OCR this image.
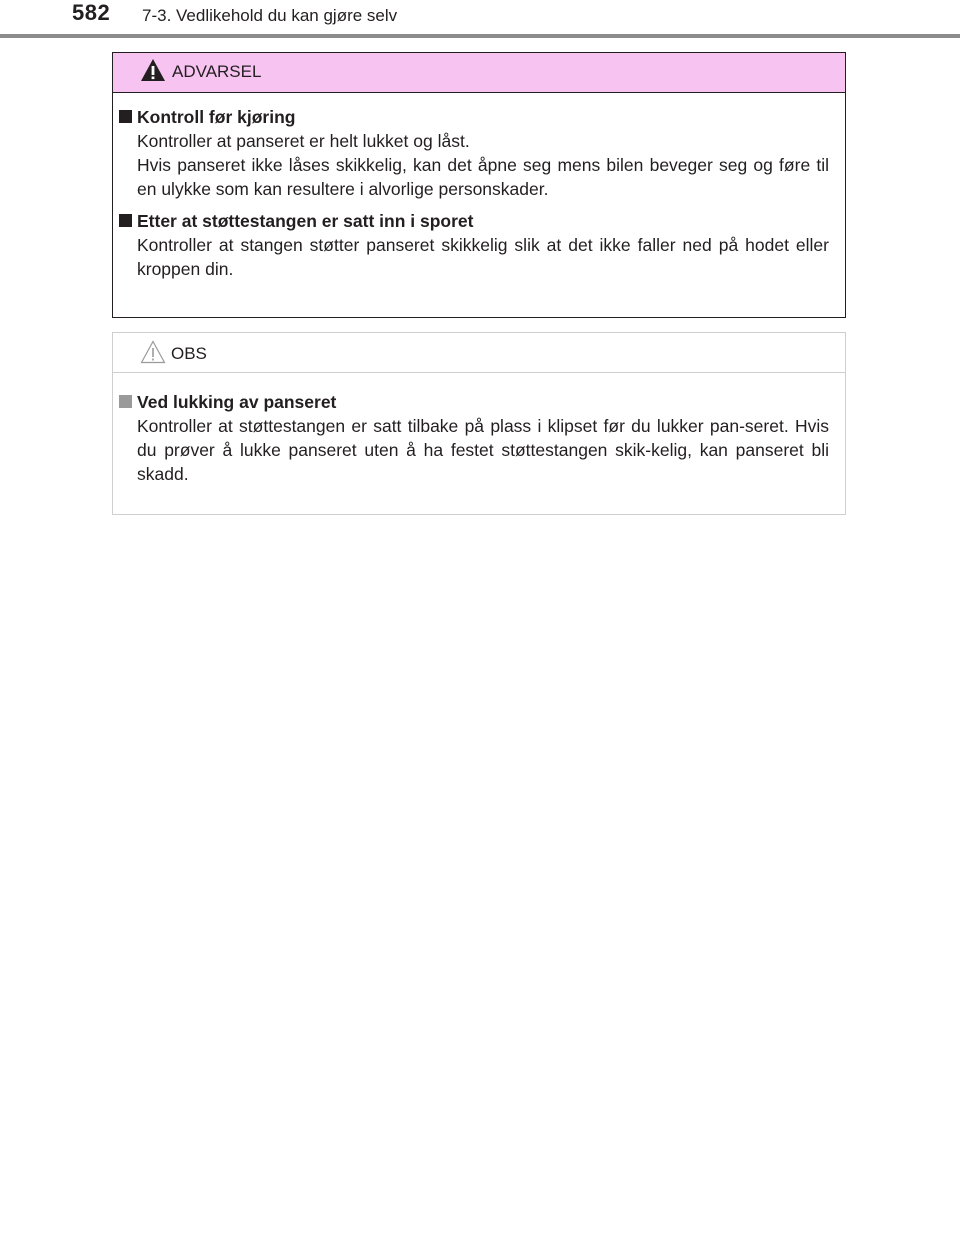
582 7-3. Vedlikehold du kan gjøre selv
ADVARSEL
Kontroll før kjøring

Kontroller at panseret er helt lukket og låst.

Hvis panseret ikke låses skikkelig, kan det åpne seg mens bilen beveger seg og føre til en ulykke som kan resultere i alvorlige personskader.

Etter at støttestangen er satt inn i sporet

Kontroller at stangen støtter panseret skikkelig slik at det ikke faller ned på hodet eller kroppen din.

OBS
Ved lukking av panseret

Kontroller at støttestangen er satt tilbake på plass i klipset før du lukker pan-seret. Hvis du prøver å lukke panseret uten å ha festet støttestangen skik-kelig, kan panseret bli skadd.
